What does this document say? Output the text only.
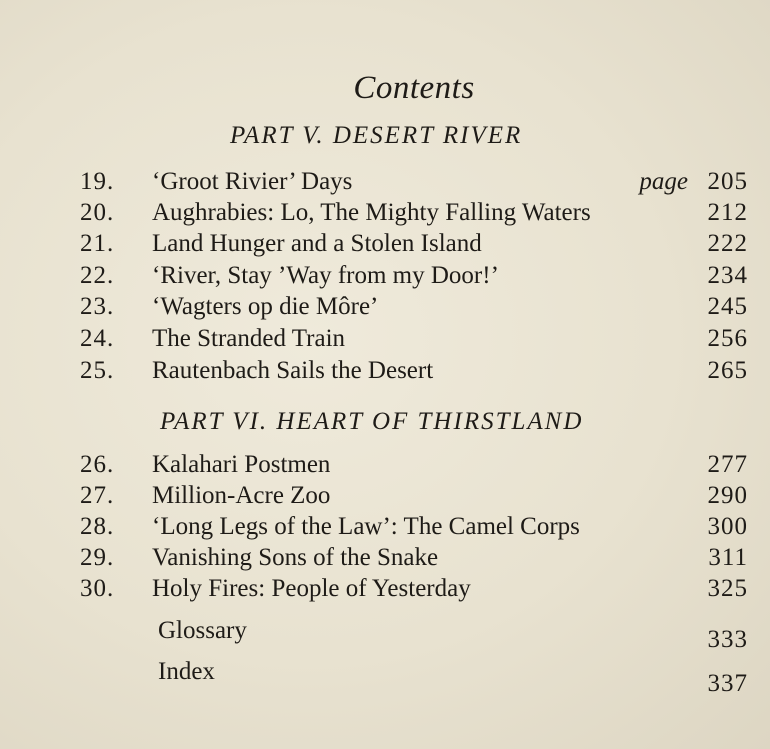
Contents
PART V. DESERT RIVER
19.	‘Groot Rivier’ Days	page 205
20.	Aughrabies: Lo, The Mighty Falling Waters	212
21.	Land Hunger and a Stolen Island	222
22.	‘River, Stay ’Way from my Door!’	234
23.	‘Wagters op die Môre’	245
24.	The Stranded Train	256
25.	Rautenbach Sails the Desert	265
PART VI. HEART OF THIRSTLAND
26.	Kalahari Postmen	277
27.	Million-Acre Zoo	290
28.	‘Long Legs of the Law’: The Camel Corps	300
29.	Vanishing Sons of the Snake	311
30.	Holy Fires: People of Yesterday	325
Glossary	333
Index	337
